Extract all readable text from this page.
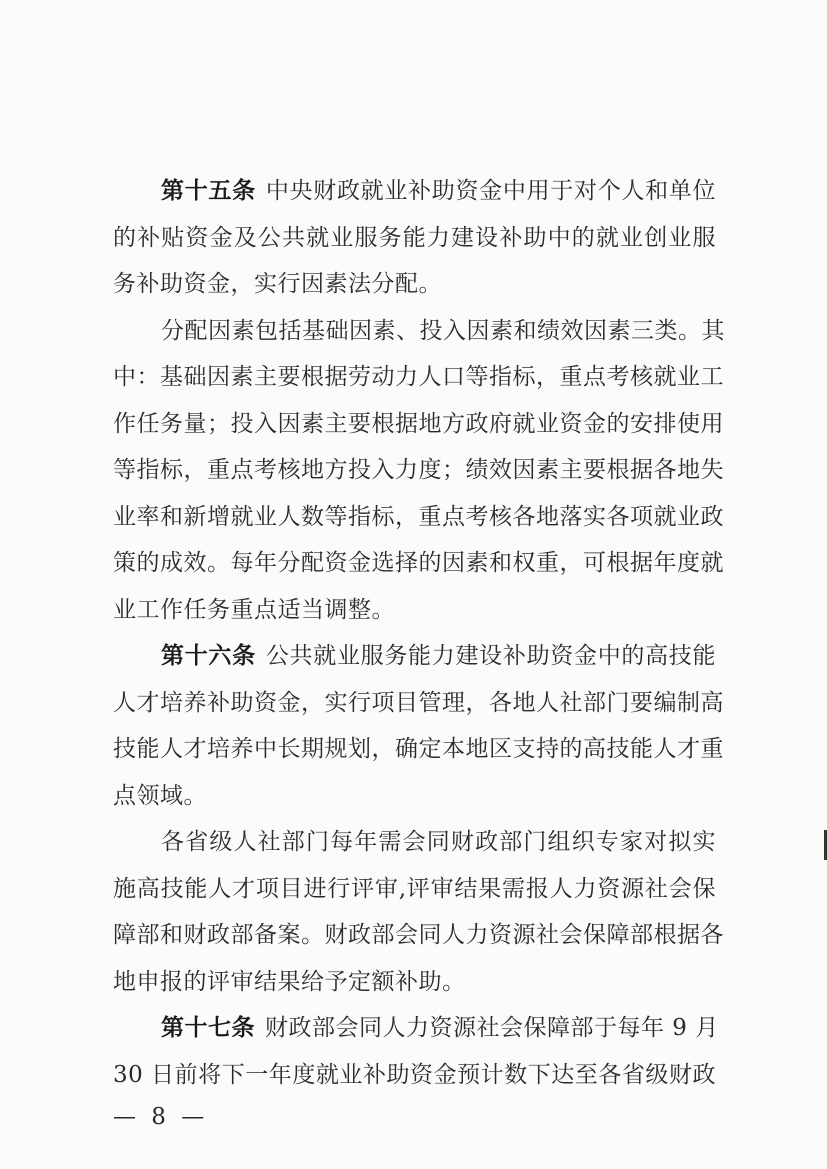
第十五条 中央财政就业补助资金中用于对个人和单位
的补贴资金及公共就业服务能力建设补助中的就业创业服
务补助资金，实行因素法分配。
分配因素包括基础因素、投入因素和绩效因素三类。其
中：基础因素主要根据劳动力人口等指标，重点考核就业工
作任务量；投入因素主要根据地方政府就业资金的安排使用
等指标，重点考核地方投入力度；绩效因素主要根据各地失
业率和新增就业人数等指标，重点考核各地落实各项就业政
策的成效。每年分配资金选择的因素和权重，可根据年度就
业工作任务重点适当调整。
第十六条 公共就业服务能力建设补助资金中的高技能
人才培养补助资金，实行项目管理，各地人社部门要编制高
技能人才培养中长期规划，确定本地区支持的高技能人才重
点领域。
各省级人社部门每年需会同财政部门组织专家对拟实
施高技能人才项目进行评审,评审结果需报人力资源社会保
障部和财政部备案。财政部会同人力资源社会保障部根据各
地申报的评审结果给予定额补助。
第十七条 财政部会同人力资源社会保障部于每年 9 月
30 日前将下一年度就业补助资金预计数下达至各省级财政
— 8 —
